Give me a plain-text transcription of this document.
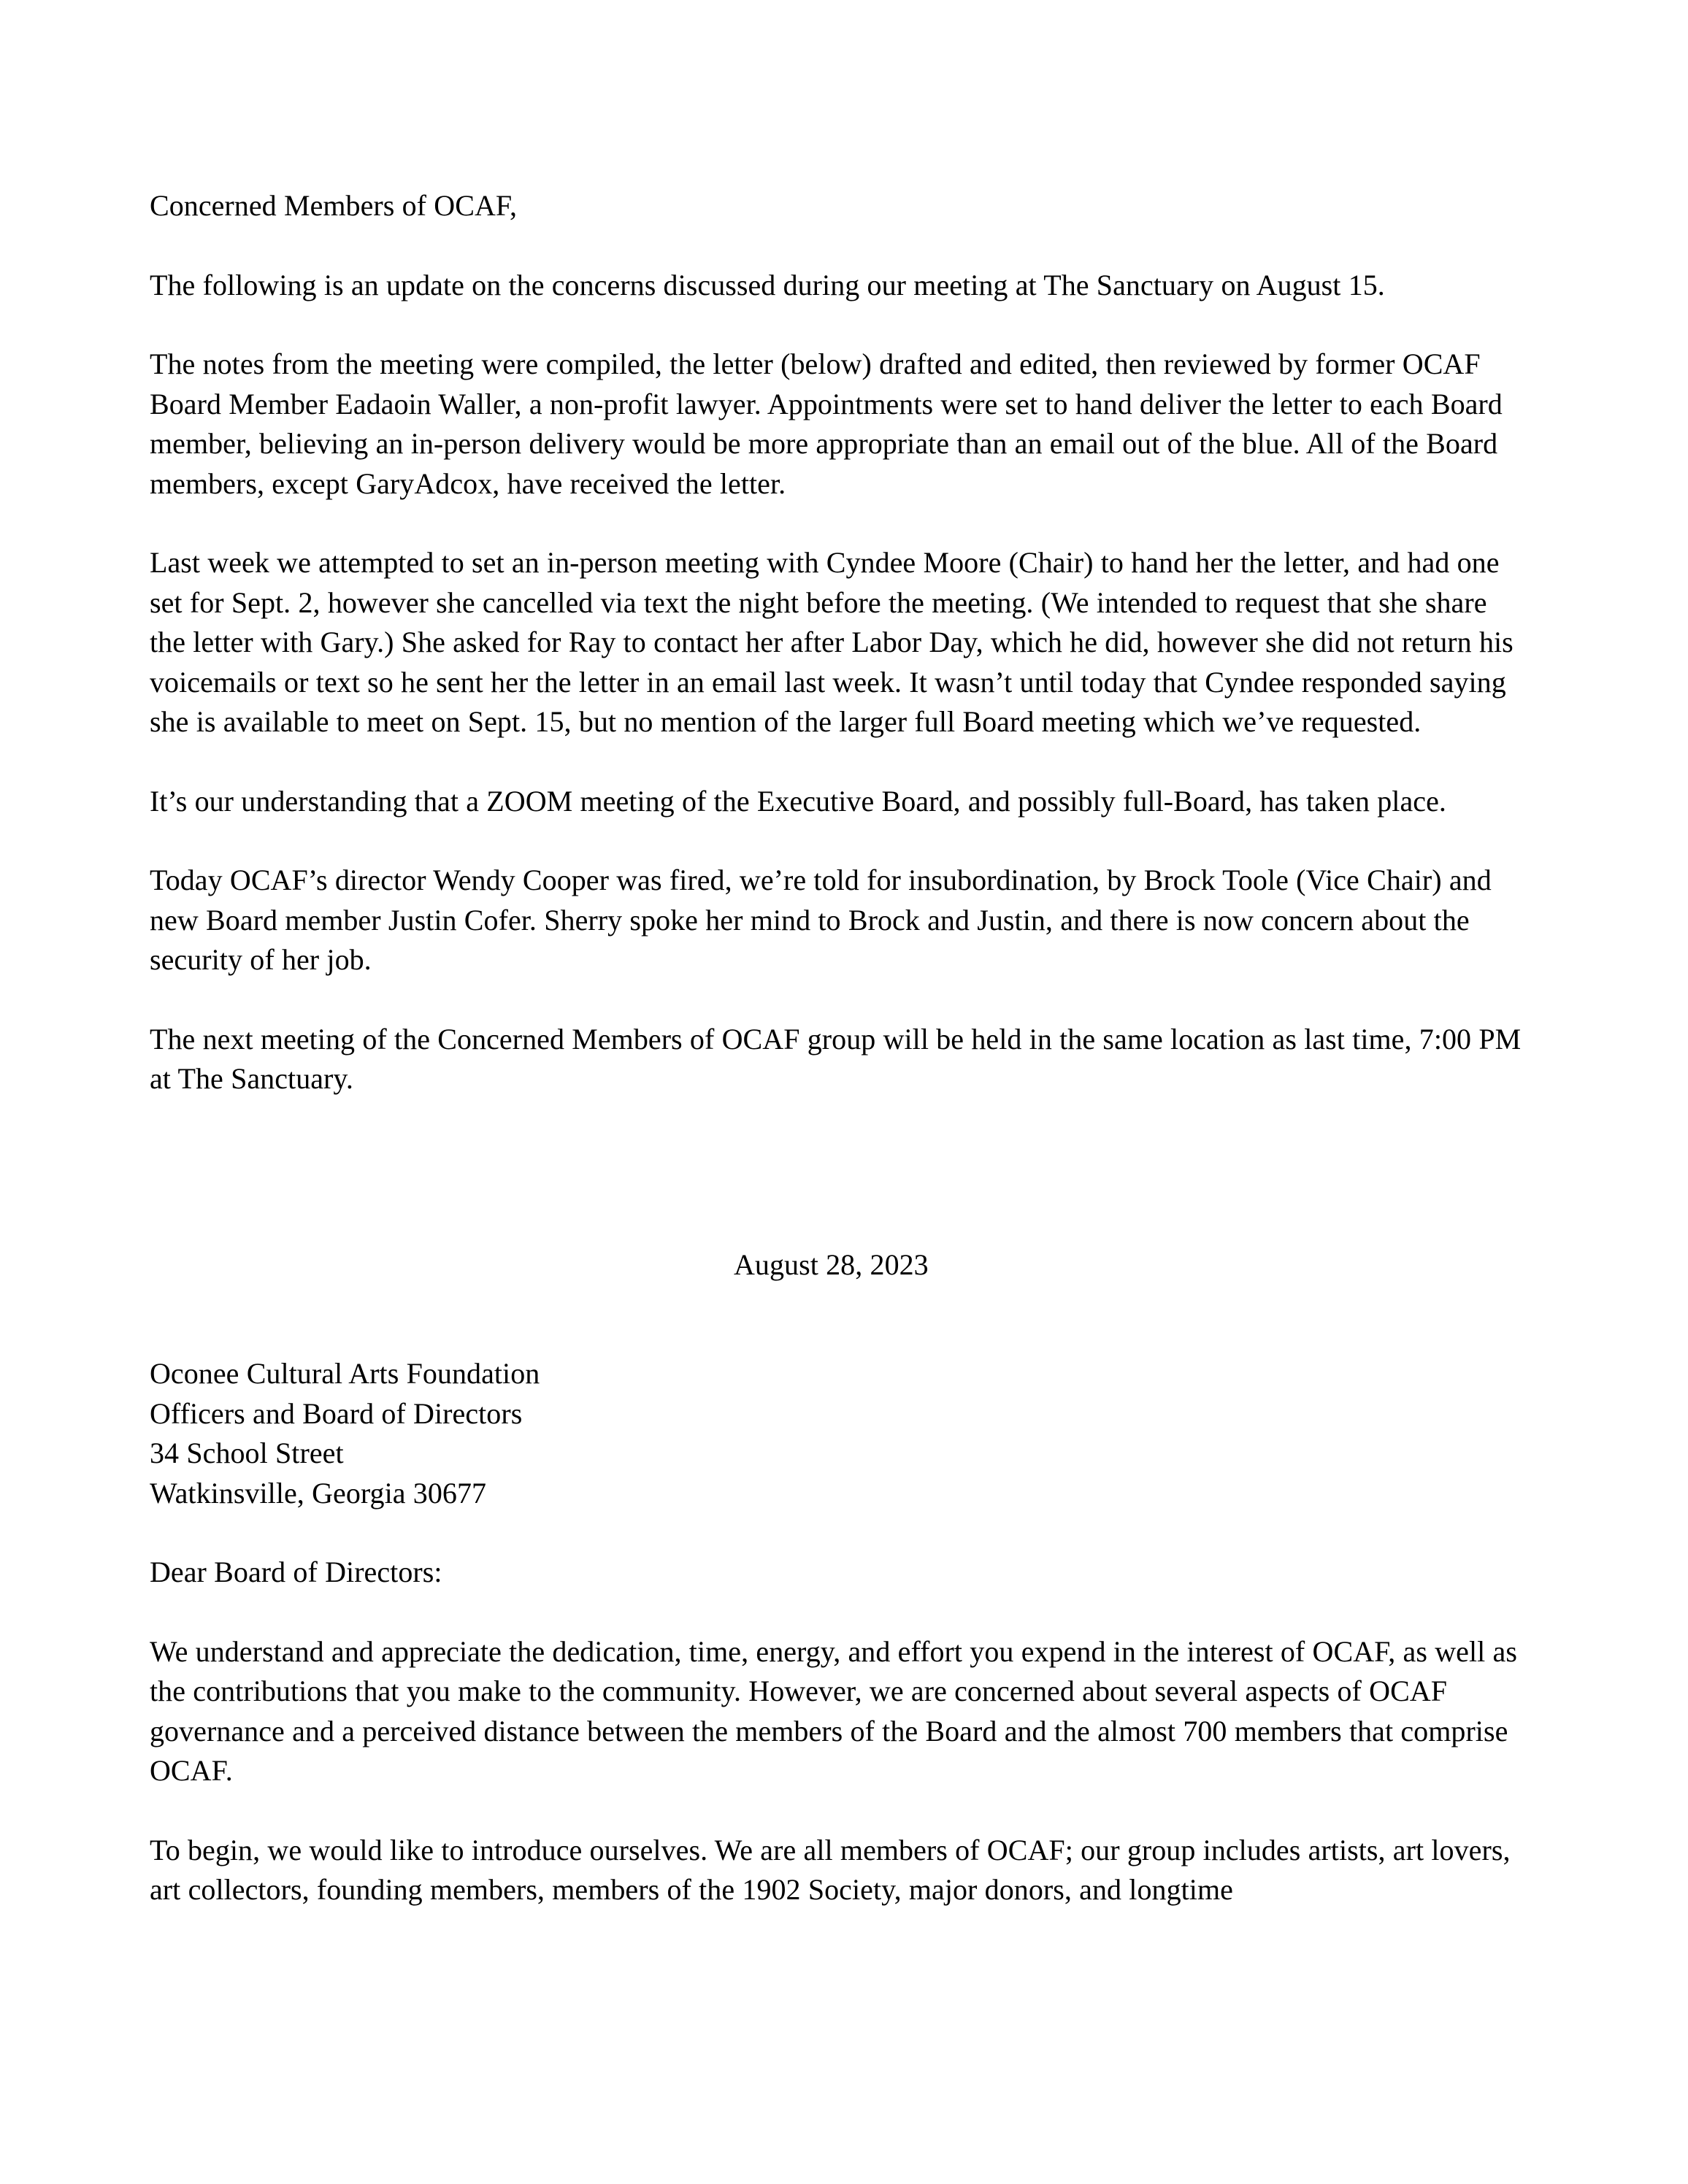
Concerned Members of OCAF,

The following is an update on the concerns discussed during our meeting at The Sanctuary on August 15.

The notes from the meeting were compiled, the letter (below) drafted and edited, then reviewed by former OCAF Board Member Eadaoin Waller, a non-profit lawyer. Appointments were set to hand deliver the letter to each Board member, believing an in-person delivery would be more appropriate than an email out of the blue. All of the Board members, except GaryAdcox, have received the letter.

Last week we attempted to set an in-person meeting with Cyndee Moore (Chair) to hand her the letter, and had one set for Sept. 2, however she cancelled via text the night before the meeting. (We intended to request that she share the letter with Gary.) She asked for Ray to contact her after Labor Day, which he did, however she did not return his voicemails or text so he sent her the letter in an email last week. It wasn’t until today that Cyndee responded saying she is available to meet on Sept. 15, but no mention of the larger full Board meeting which we’ve requested.

It’s our understanding that a ZOOM meeting of the Executive Board, and possibly full-Board, has taken place.

Today OCAF’s director Wendy Cooper was fired, we’re told for insubordination, by Brock Toole (Vice Chair) and new Board member Justin Cofer. Sherry spoke her mind to Brock and Justin, and there is now concern about the security of her job.

The next meeting of the Concerned Members of OCAF group will be held in the same location as last time, 7:00 PM at The Sanctuary.

August 28, 2023

Oconee Cultural Arts Foundation

Officers and Board of Directors

34 School Street

Watkinsville, Georgia 30677

Dear Board of Directors:

We understand and appreciate the dedication, time, energy, and effort you expend in the interest of OCAF, as well as the contributions that you make to the community. However, we are concerned about several aspects of OCAF governance and a perceived distance between the members of the Board and the almost 700 members that comprise OCAF.

To begin, we would like to introduce ourselves. We are all members of OCAF; our group includes artists, art lovers, art collectors, founding members, members of the 1902 Society, major donors, and longtime
